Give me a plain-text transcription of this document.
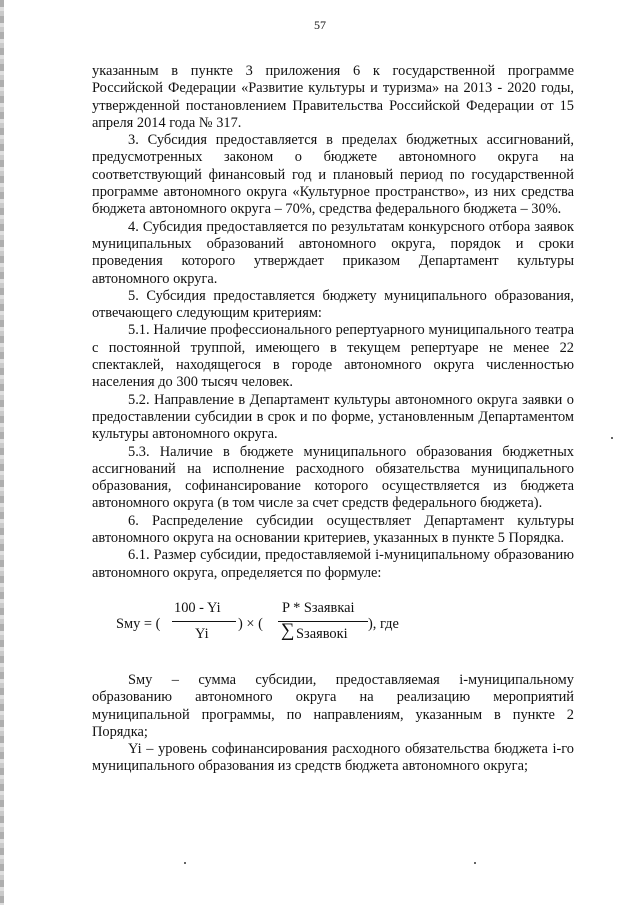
57

указанным в пункте 3 приложения 6 к государственной программе Российской Федерации «Развитие культуры и туризма» на 2013 - 2020 годы, утвержденной постановлением Правительства Российской Федерации от 15 апреля 2014 года № 317.

3. Субсидия предоставляется в пределах бюджетных ассигнований, предусмотренных законом о бюджете автономного округа на соответствующий финансовый год и плановый период по государственной программе автономного округа «Культурное пространство», из них средства бюджета автономного округа – 70%, средства федерального бюджета – 30%.

4. Субсидия предоставляется по результатам конкурсного отбора заявок муниципальных образований автономного округа, порядок и сроки проведения которого утверждает приказом Департамент культуры автономного округа.

5. Субсидия предоставляется бюджету муниципального образования, отвечающего следующим критериям:

5.1. Наличие профессионального репертуарного муниципального театра с постоянной труппой, имеющего в текущем репертуаре не менее 22 спектаклей, находящегося в городе автономного округа численностью населения до 300 тысяч человек.

5.2. Направление в Департамент культуры автономного округа заявки о предоставлении субсидии в срок и по форме, установленным Департаментом культуры автономного округа.

5.3. Наличие в бюджете муниципального образования бюджетных ассигнований на исполнение расходного обязательства муниципального образования, софинансирование которого осуществляется из бюджета автономного округа (в том числе за счет средств федерального бюджета).

6. Распределение субсидии осуществляет Департамент культуры автономного округа на основании критериев, указанных в пункте 5 Порядка.

6.1. Размер субсидии, предоставляемой i-муниципальному образованию автономного округа, определяется по формуле:

Sму = (
100 - Yi
Yi
) × (
P * Sзаявкаi
∑ Sзаявокi
), где

Sму – сумма субсидии, предоставляемая i-муниципальному образованию автономного округа на реализацию мероприятий муниципальной программы, по направлениям, указанным в пункте 2 Порядка;

Yi – уровень софинансирования расходного обязательства бюджета i-го муниципального образования из средств бюджета автономного округа;
